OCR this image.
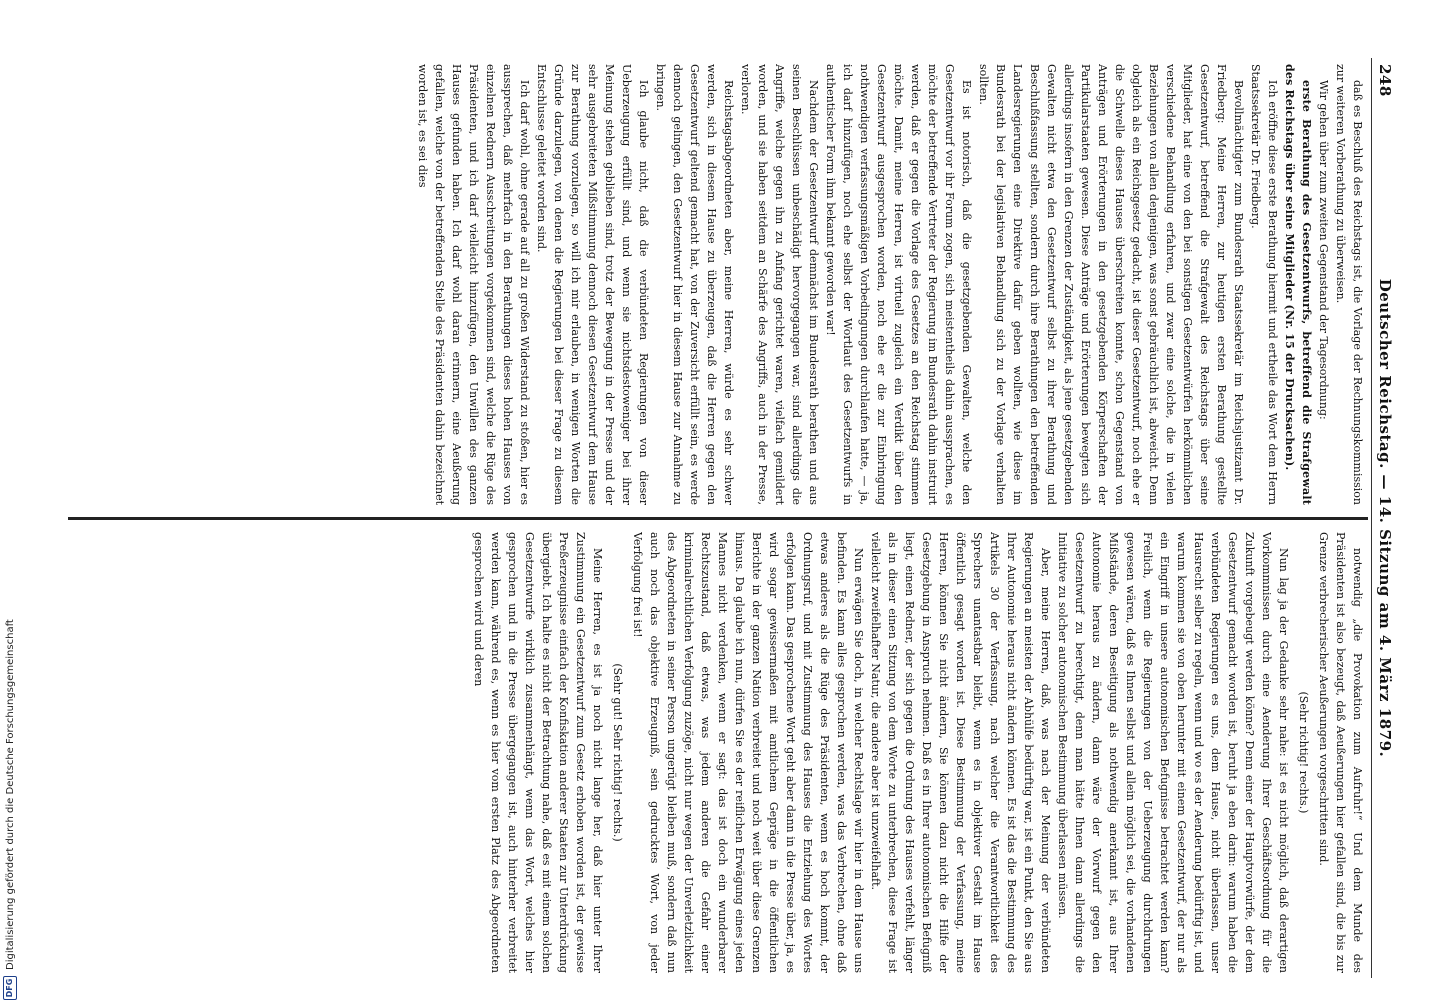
248
Deutscher Reichstag. — 14. Sitzung am 4. März 1879.

daß es Beschluß des Reichstags ist, die Vorlage der Rechnungskommission zur weiteren Vorberathung zu überweisen.

Wir gehen über zum zweiten Gegenstand der Tagesordnung:

erste Berathung des Gesetzentwurfs, betreffend die Strafgewalt des Reichstags über seine Mitglieder (Nr. 15 der Drucksachen).

Ich eröffne diese erste Berathung hiermit und ertheile das Wort dem Herrn Staatssekretär Dr. Friedberg.

Bevollmächtigter zum Bundesrath Staatssekretär im Reichsjustizamt Dr. Friedberg: Meine Herren, zur heutigen ersten Berathung gestellte Gesetzentwurf, betreffend die Strafgewalt des Reichstags über seine Mitglieder, hat eine von den bei sonstigen Gesetzentwürfen herkömmlichen verschiedene Behandlung erfahren, und zwar eine solche, die in vielen Beziehungen von allen denjenigen, was sonst gebräuchlich ist, abweicht. Denn obgleich als ein Reichsgesetz gedacht, ist dieser Gesetzentwurf, noch ehe er die Schwelle dieses Hauses überschreiten konnte, schon Gegenstand von Anträgen und Erörterungen in den gesetzgebenden Körperschaften der Partikularstaaten gewesen. Diese Anträge und Erörterungen bewegten sich allerdings insofern in den Grenzen der Zuständigkeit, als jene gesetzgebenden Gewalten nicht etwa den Gesetzentwurf selbst zu ihrer Berathung und Beschlußfassung stellten, sondern durch ihre Berathungen den betreffenden Landesregierungen eine Direktive dafür geben wollten, wie diese im Bundesrath bei der legislativen Behandlung sich zu der Vorlage verhalten sollten.

Es ist notorisch, daß die gesetzgebenden Gewalten, welche den Gesetzentwurf vor ihr Forum zogen, sich meistentheils dahin aussprachen, es möchte der betreffende Vertreter der Regierung im Bundesrath dahin instruirt werden, daß er gegen die Vorlage des Gesetzes an den Reichstag stimmen möchte. Damit, meine Herren, ist virtuell zugleich ein Verdikt über den Gesetzentwurf ausgesprochen worden, noch ehe er die zur Einbringung nothwendigen verfassungsmäßigen Vorbedingungen durchlaufen hatte, — ja, ich darf hinzufügen, noch ehe selbst der Wortlaut des Gesetzentwurfs in authentischer Form ihm bekannt geworden war!

Nachdem der Gesetzentwurf demnächst im Bundesrath berathen und aus seinen Beschlüssen unbeschädigt hervorgegangen war, sind allerdings die Angriffe, welche gegen ihn zu Anfang gerichtet waren, vielfach gemildert worden, und sie haben seitdem an Schärfe des Angriffs, auch in der Presse, verloren.

Reichstagsabgeordneten aber, meine Herren, würde es sehr schwer werden, sich in diesem Hause zu überzeugen, daß die Herren gegen den Gesetzentwurf geltend gemacht hat, von der Zuversicht erfüllt sein, es werde dennoch gelingen, den Gesetzentwurf hier in diesem Hause zur Annahme zu bringen.

Ich glaube nicht, daß die verbündeten Regierungen von dieser Ueberzeugung erfüllt sind, und wenn sie nichtsdestoweniger bei ihrer Meinung stehen geblieben sind, trotz der Bewegung in der Presse und der sehr ausgebreiteten Mißstimmung dennoch diesen Gesetzentwurf dem Hause zur Berathung vorzulegen, so will ich mir erlauben, in wenigen Worten die Gründe darzulegen, von denen die Regierungen bei dieser Frage zu diesem Entschlusse geleitet worden sind.

Ich darf wohl, ohne gerade auf all zu großen Widerstand zu stoßen, hier es aussprechen, daß mehrfach in den Berathungen dieses hohen Hauses von einzelnen Rednern Ausschreitungen vorgekommen sind, welche die Rüge des Präsidenten, und ich darf vielleicht hinzufügen, den Unwillen des ganzen Hauses gefunden haben. Ich darf wohl daran erinnern, eine Aeußerung gefallen, welche von der betreffenden Stelle des Präsidenten dahin bezeichnet worden ist, es sei dies

notwendig „die Provokation zum Aufruhr!“ Und dem Munde des Präsidenten ist also bezeugt, daß Aeußerungen hier gefallen sind, die bis zur Grenze verbrecherischer Aeußerungen vorgeschritten sind.

(Sehr richtig! rechts.)

Nun lag ja der Gedanke sehr nahe: ist es nicht möglich, daß derartigen Vorkommnissen durch eine Aenderung Ihrer Geschäftsordnung für die Zukunft vorgebeugt werden könne? Denn einer der Hauptvorwürfe, der dem Gesetzentwurf gemacht worden ist, beruht ja eben darin: warum haben die verbündeten Regierungen es uns, dem Hause, nicht überlassen, unser Hausrecht selber zu regeln, wenn und wo es der Aenderung bedürftig ist, und warum kommen sie von oben herunter mit einem Gesetzentwurf, der nur als ein Eingriff in unsere autonomischen Befugnisse betrachtet werden kann? Freilich, wenn die Regierungen von der Ueberzeugung durchdrungen gewesen wären, daß es Ihnen selbst und allein möglich sei, die vorhandenen Mißstände, deren Beseitigung als nothwendig anerkannt ist, aus Ihrer Autonomie heraus zu ändern, dann wäre der Vorwurf gegen den Gesetzentwurf zu berechtigt, denn man hätte Ihnen dann allerdings die Initiative zu solcher autonomischen Bestimmung überlassen müssen.

Aber, meine Herren, daß, was nach der Meinung der verbündeten Regierungen an meisten der Abhülfe bedürftig war, ist ein Punkt, den Sie aus Ihrer Autonomie heraus nicht ändern können. Es ist das die Bestimmung des Artikels 30 der Verfassung, nach welcher die Verantwortlichkeit des Sprechers unantastbar bleibt, wenn es in objektiver Gestalt im Hause öffentlich gesagt worden ist. Diese Bestimmung der Verfassung, meine Herren, können Sie nicht ändern, Sie können dazu nicht die Hilfe der Gesetzgebung in Anspruch nehmen. Daß es in Ihrer autonomischen Befugniß liegt, einen Redner, der sich gegen die Ordnung des Hauses verfehlt, länger als in dieser einen Sitzung von dem Worte zu unterbrechen, diese Frage ist vielleicht zweifelhafter Natur, die andere aber ist unzweifelhaft.

Nun erwägen Sie doch, in welcher Rechtslage wir hier in dem Hause uns befinden. Es kann alles gesprochen werden, was das Verbrechen, ohne daß etwas anderes als die Rüge des Präsidenten, wenn es hoch kommt, der Ordnungsruf, und mit Zustimmung des Hauses die Entziehung des Wortes erfolgen kann. Das gesprochene Wort geht aber dann in die Presse über, ja, es wird sogar gewissermaßen mit amtlichem Gepräge in die öffentlichen Berichte in der ganzen Nation verbreitet und noch weit über diese Grenzen hinaus. Da glaube ich nun, dürfen Sie es der reiflichen Erwägung eines jeden Mannes nicht verdenken, wenn er sagt: das ist doch ein wunderbarer Rechtszustand, daß etwas, was jedem anderen die Gefahr einer kriminalrechtlichen Verfolgung zuzöge, nicht nur wegen der Unverletzlichkeit des Abgeordneten in seiner Person ungerügt bleiben muß, sondern daß nun auch noch das objektive Erzeugniß, sein gedrucktes Wort, von jeder Verfolgung frei ist!

(Sehr gut! Sehr richtig! rechts.)

Meine Herren, es ist ja noch nicht lange her, daß hier unter Ihrer Zustimmung ein Gesetzentwurf zum Gesetz erhoben worden ist, der gewisse Preßerzeugnisse einfach der Konfiskation anderer Staaten zur Unterdrückung übergiebt. Ich halte es nicht der Betrachtung nahe, daß es mit einem solchen Gesetzentwurfe wirklich zusammenhängt, wenn das Wort, welches hier gesprochen und in die Presse übergegangen ist, auch hinterher verbreitet werden kann, während es, wenn es hier vom ersten Platz des Abgeordneten gesprochen wird und deren

DFGDigitalisierung gefördert durch die Deutsche Forschungsgemeinschaft
